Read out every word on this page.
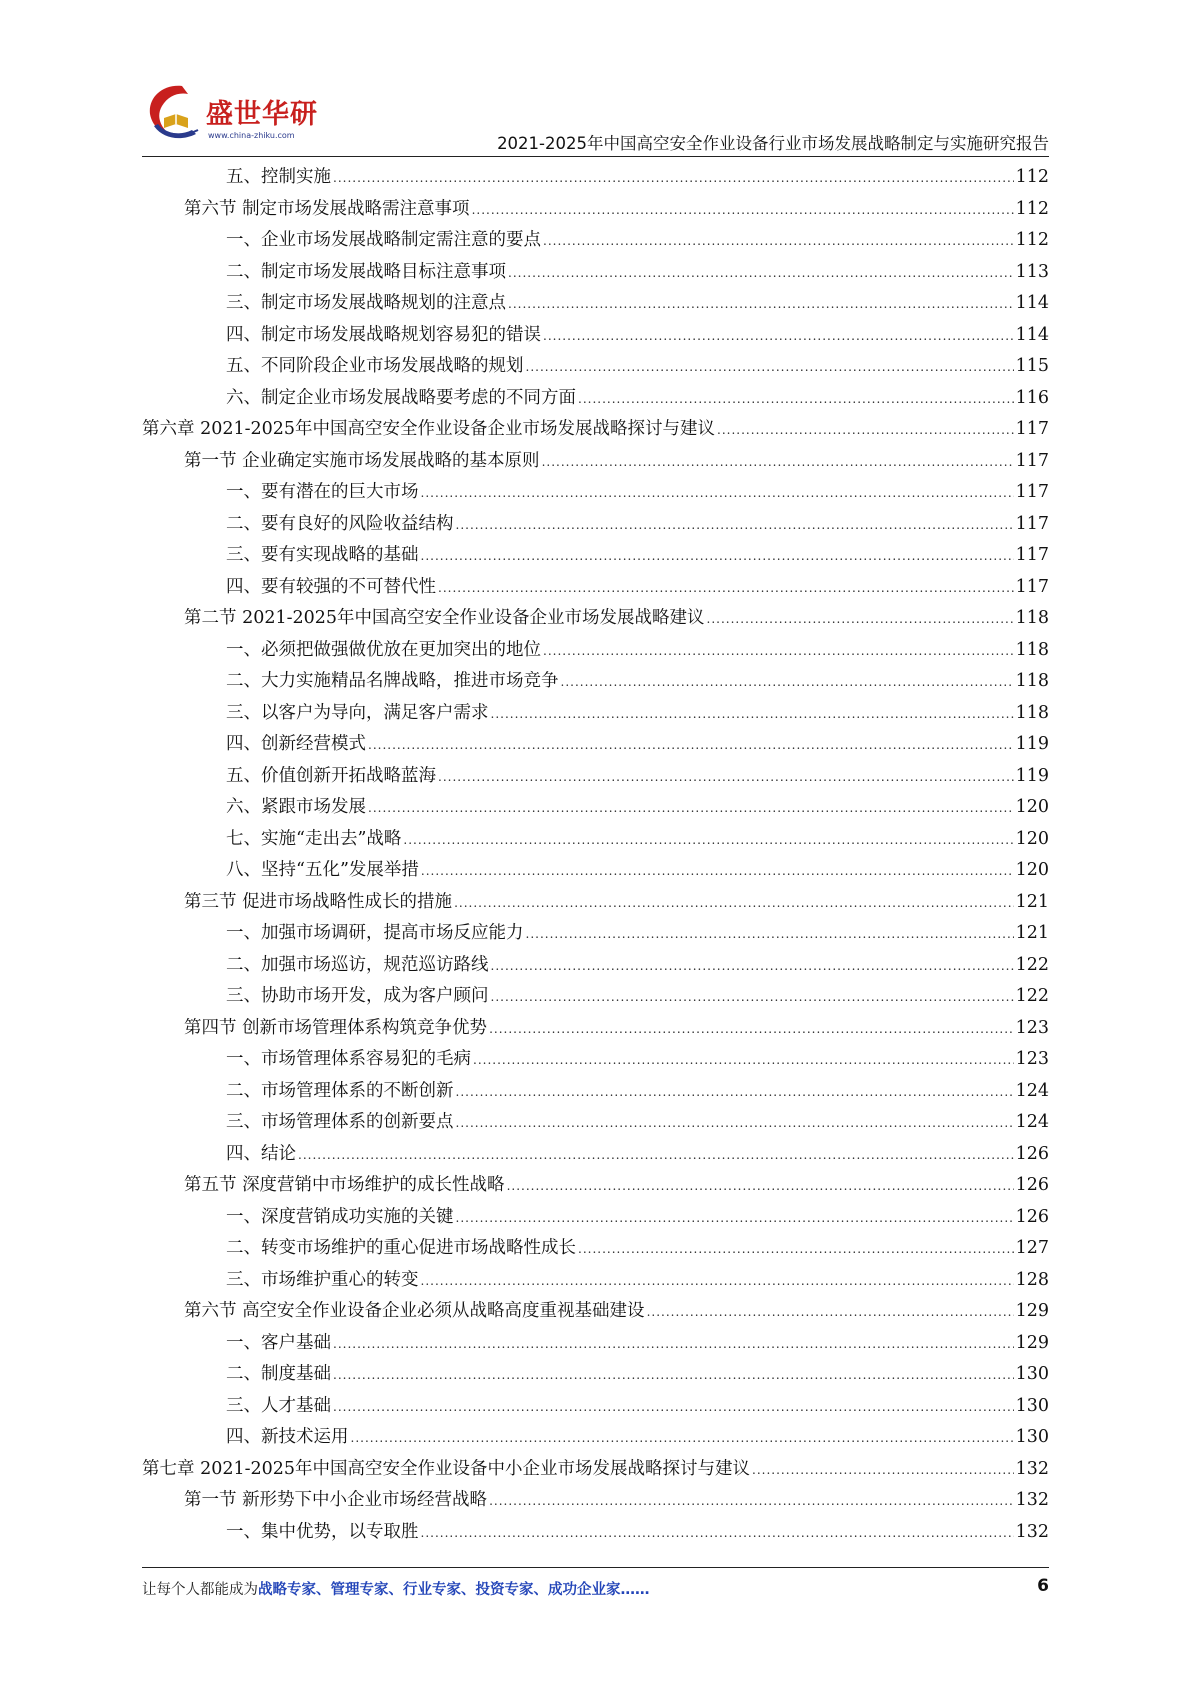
盛世华研
www.china-zhiku.com	2021-2025年中国高空安全作业设备行业市场发展战略制定与实施研究报告
五、控制实施 .....	112
第六节 制定市场发展战略需注意事项 .....	112
一、企业市场发展战略制定需注意的要点 .....	112
二、制定市场发展战略目标注意事项 .....	113
三、制定市场发展战略规划的注意点 .....	114
四、制定市场发展战略规划容易犯的错误 .....	114
五、不同阶段企业市场发展战略的规划 .....	115
六、制定企业市场发展战略要考虑的不同方面 .....	116
第六章 2021-2025年中国高空安全作业设备企业市场发展战略探讨与建议 .....	117
第一节 企业确定实施市场发展战略的基本原则 .....	117
一、要有潜在的巨大市场 .....	117
二、要有良好的风险收益结构 .....	117
三、要有实现战略的基础 .....	117
四、要有较强的不可替代性 .....	117
第二节 2021-2025年中国高空安全作业设备企业市场发展战略建议 .....	118
一、必须把做强做优放在更加突出的地位 .....	118
二、大力实施精品名牌战略，推进市场竞争 .....	118
三、以客户为导向，满足客户需求 .....	118
四、创新经营模式 .....	119
五、价值创新开拓战略蓝海 .....	119
六、紧跟市场发展 .....	120
七、实施“走出去”战略 .....	120
八、坚持“五化”发展举措 .....	120
第三节 促进市场战略性成长的措施 .....	121
一、加强市场调研，提高市场反应能力 .....	121
二、加强市场巡访，规范巡访路线 .....	122
三、协助市场开发，成为客户顾问 .....	122
第四节 创新市场管理体系构筑竞争优势 .....	123
一、市场管理体系容易犯的毛病 .....	123
二、市场管理体系的不断创新 .....	124
三、市场管理体系的创新要点 .....	124
四、结论 .....	126
第五节 深度营销中市场维护的成长性战略 .....	126
一、深度营销成功实施的关键 .....	126
二、转变市场维护的重心促进市场战略性成长 .....	127
三、市场维护重心的转变 .....	128
第六节 高空安全作业设备企业必须从战略高度重视基础建设 .....	129
一、客户基础 .....	129
二、制度基础 .....	130
三、人才基础 .....	130
四、新技术运用 .....	130
第七章 2021-2025年中国高空安全作业设备中小企业市场发展战略探讨与建议 .....	132
第一节 新形势下中小企业市场经营战略 .....	132
一、集中优势，以专取胜 .....	132
让每个人都能成为战略专家、管理专家、行业专家、投资专家、成功企业家……	6
